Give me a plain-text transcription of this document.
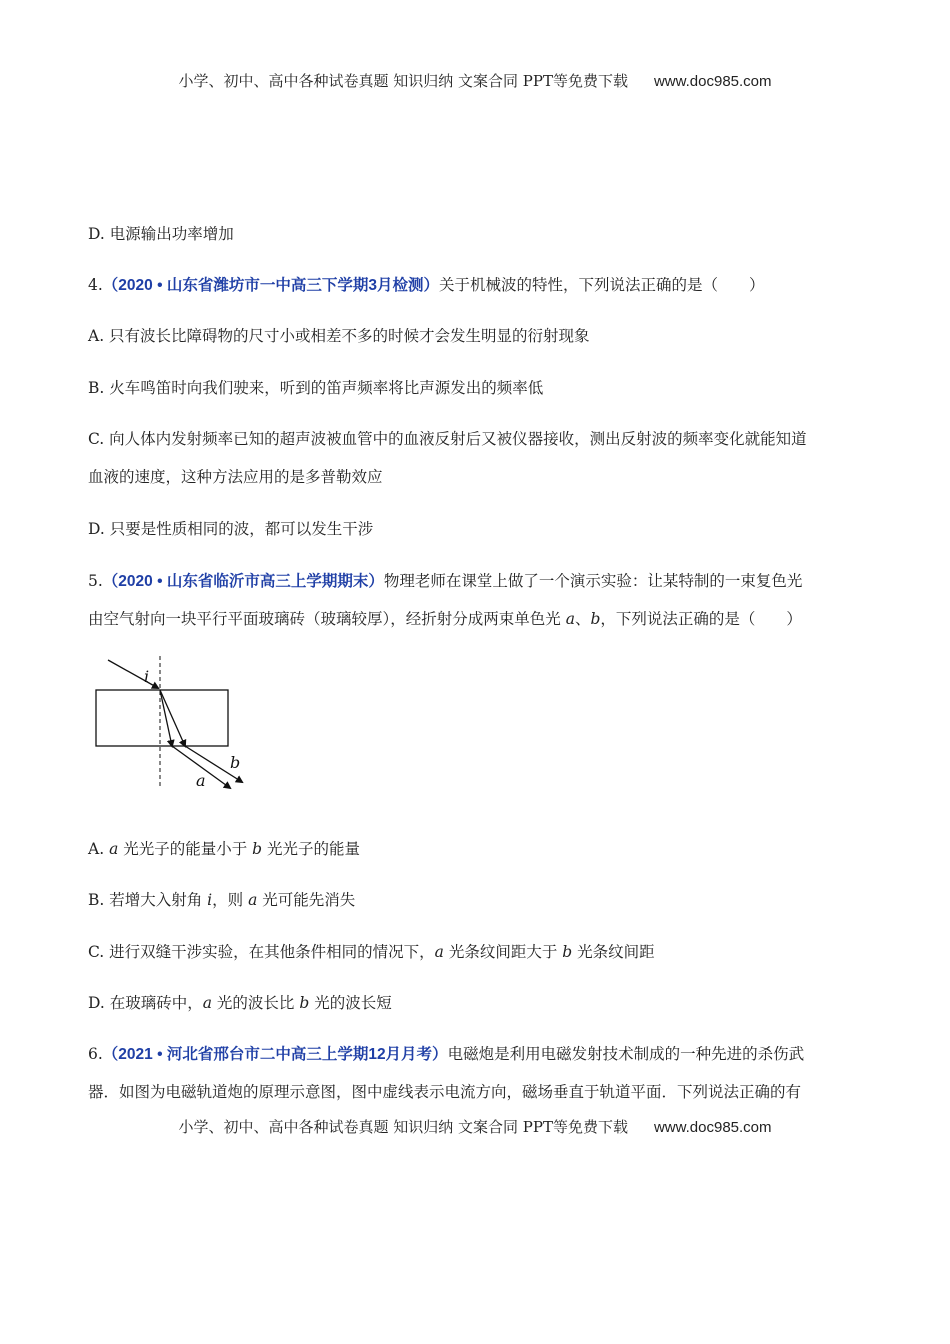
小学、初中、高中各种试卷真题 知识归纳 文案合同 PPT等免费下载 www.doc985.com
D. 电源输出功率增加
4.（2020 • 山东省潍坊市一中高三下学期3月检测）关于机械波的特性，下列说法正确的是（　　）
A. 只有波长比障碍物的尺寸小或相差不多的时候才会发生明显的衍射现象
B. 火车鸣笛时向我们驶来，听到的笛声频率将比声源发出的频率低
C. 向人体内发射频率已知的超声波被血管中的血液反射后又被仪器接收，测出反射波的频率变化就能知道
血液的速度，这种方法应用的是多普勒效应
D. 只要是性质相同的波，都可以发生干涉
5.（2020 • 山东省临沂市高三上学期期末）物理老师在课堂上做了一个演示实验：让某特制的一束复色光
由空气射向一块平行平面玻璃砖（玻璃较厚），经折射分成两束单色光 a、b，下列说法正确的是（　　）
i
a
b
A. a 光光子的能量小于 b 光光子的能量
B. 若增大入射角 i，则 a 光可能先消失
C. 进行双缝干涉实验，在其他条件相同的情况下，a 光条纹间距大于 b 光条纹间距
D. 在玻璃砖中，a 光的波长比 b 光的波长短
6.（2021 • 河北省邢台市二中高三上学期12月月考）电磁炮是利用电磁发射技术制成的一种先进的杀伤武
器．如图为电磁轨道炮的原理示意图，图中虚线表示电流方向，磁场垂直于轨道平面．下列说法正确的有
小学、初中、高中各种试卷真题 知识归纳 文案合同 PPT等免费下载 www.doc985.com
